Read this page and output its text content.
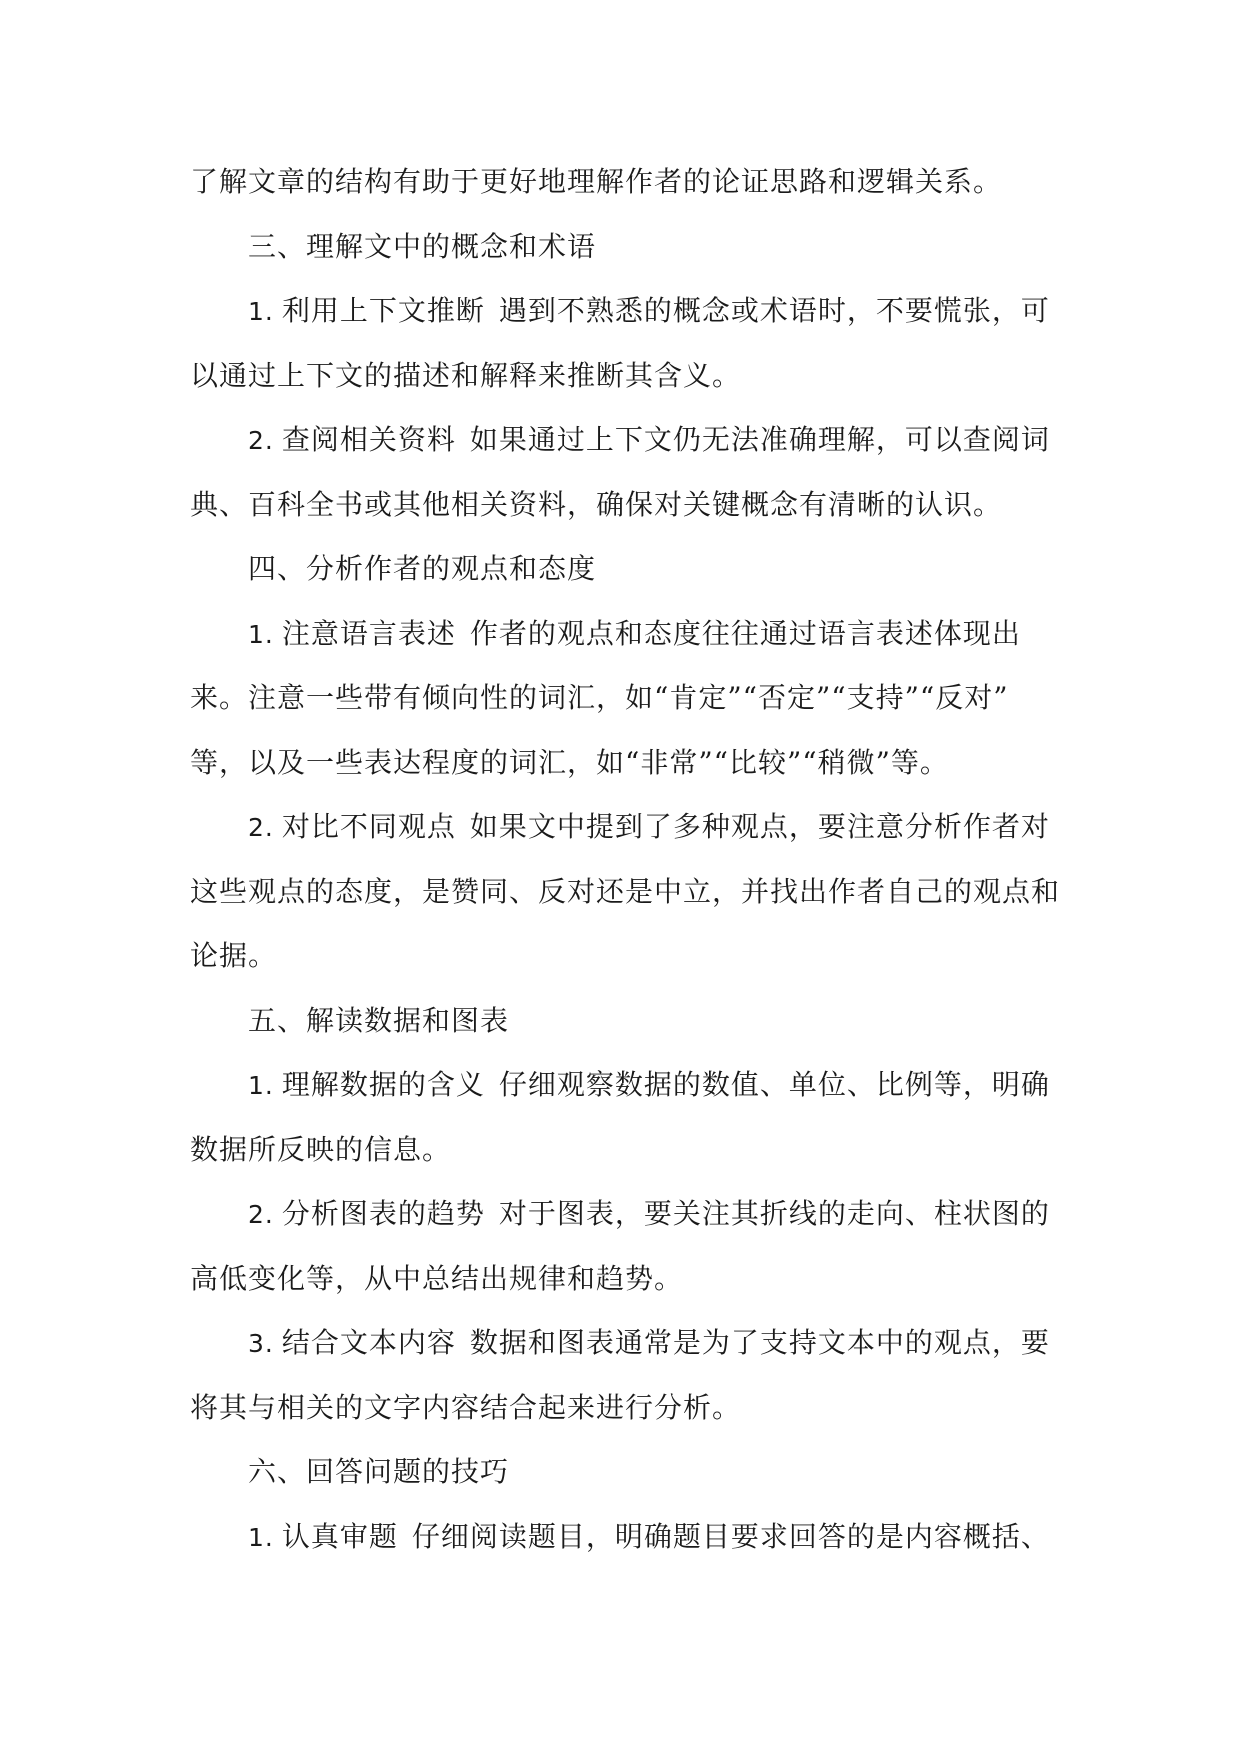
了解文章的结构有助于更好地理解作者的论证思路和逻辑关系。
三、理解文中的概念和术语
1. 利用上下文推断 遇到不熟悉的概念或术语时，不要慌张，可
以通过上下文的描述和解释来推断其含义。
2. 查阅相关资料 如果通过上下文仍无法准确理解，可以查阅词
典、百科全书或其他相关资料，确保对关键概念有清晰的认识。
四、分析作者的观点和态度
1. 注意语言表述 作者的观点和态度往往通过语言表述体现出
来。注意一些带有倾向性的词汇，如“肯定”“否定”“支持”“反对”
等，以及一些表达程度的词汇，如“非常”“比较”“稍微”等。
2. 对比不同观点 如果文中提到了多种观点，要注意分析作者对
这些观点的态度，是赞同、反对还是中立，并找出作者自己的观点和
论据。
五、解读数据和图表
1. 理解数据的含义 仔细观察数据的数值、单位、比例等，明确
数据所反映的信息。
2. 分析图表的趋势 对于图表，要关注其折线的走向、柱状图的
高低变化等，从中总结出规律和趋势。
3. 结合文本内容 数据和图表通常是为了支持文本中的观点，要
将其与相关的文字内容结合起来进行分析。
六、回答问题的技巧
1. 认真审题 仔细阅读题目，明确题目要求回答的是内容概括、
